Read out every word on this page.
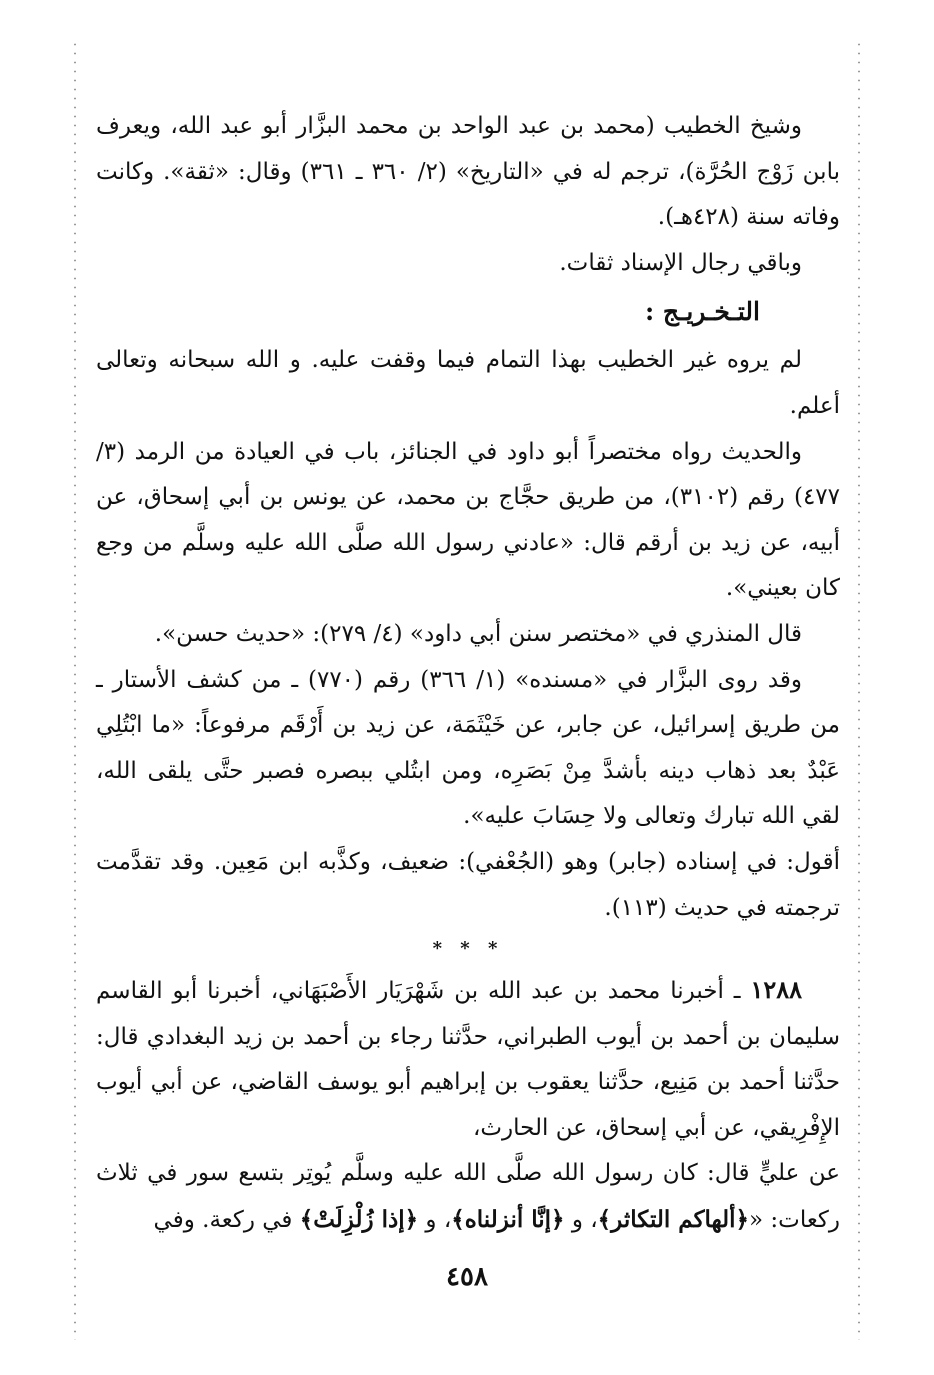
وشيخ الخطيب (محمد بن عبد الواحد بن محمد البزَّار أبو عبد الله، ويعرف بابن زَوْج الحُرَّة)، ترجم له في «التاريخ» (٢/ ٣٦٠ ـ ٣٦١) وقال: «ثقة». وكانت وفاته سنة (٤٢٨هـ).

وباقي رجال الإسناد ثقات.

التـخـريـج :

لم يروه غير الخطيب بهذا التمام فيما وقفت عليه. و الله سبحانه وتعالى أعلم.

والحديث رواه مختصراً أبو داود في الجنائز، باب في العيادة من الرمد (٣/ ٤٧٧) رقم (٣١٠٢)، من طريق حجَّاج بن محمد، عن يونس بن أبي إسحاق، عن أبيه، عن زيد بن أرقم قال: «عادني رسول الله صلَّى الله عليه وسلَّم من وجع كان بعيني».

قال المنذري في «مختصر سنن أبي داود» (٤/ ٢٧٩): «حديث حسن».

وقد روى البزَّار في «مسنده» (١/ ٣٦٦) رقم (٧٧٠) ـ من كشف الأستار ـ من طريق إسرائيل، عن جابر، عن خَيْثَمَة، عن زيد بن أَرْقَم مرفوعاً: «ما ابْتُلِي عَبْدٌ بعد ذهاب دينه بأشدَّ مِنْ بَصَرِه، ومن ابتُلي ببصره فصبر حتَّى يلقى الله، لقي الله تبارك وتعالى ولا حِسَابَ عليه».

أقول: في إسناده (جابر) وهو (الجُعْفي): ضعيف، وكذَّبه ابن مَعِين. وقد تقدَّمت ترجمته في حديث (١١٣).

* * *

١٢٨٨ ـ أخبرنا محمد بن عبد الله بن شَهْرَيَار الأَصْبَهَاني، أخبرنا أبو القاسم سليمان بن أحمد بن أيوب الطبراني، حدَّثنا رجاء بن أحمد بن زيد البغدادي قال: حدَّثنا أحمد بن مَنِيع، حدَّثنا يعقوب بن إبراهيم أبو يوسف القاضي، عن أبي أيوب الإِفْرِيقي، عن أبي إسحاق، عن الحارث،

عن عليٍّ قال: كان رسول الله صلَّى الله عليه وسلَّم يُوتِر بتسع سور في ثلاث ركعات: «﴿ألهاكم التكاثر﴾، و ﴿إنَّا أنزلناه﴾، و ﴿إذا زُلْزِلَتْ﴾ في ركعة. وفي

٤٥٨
